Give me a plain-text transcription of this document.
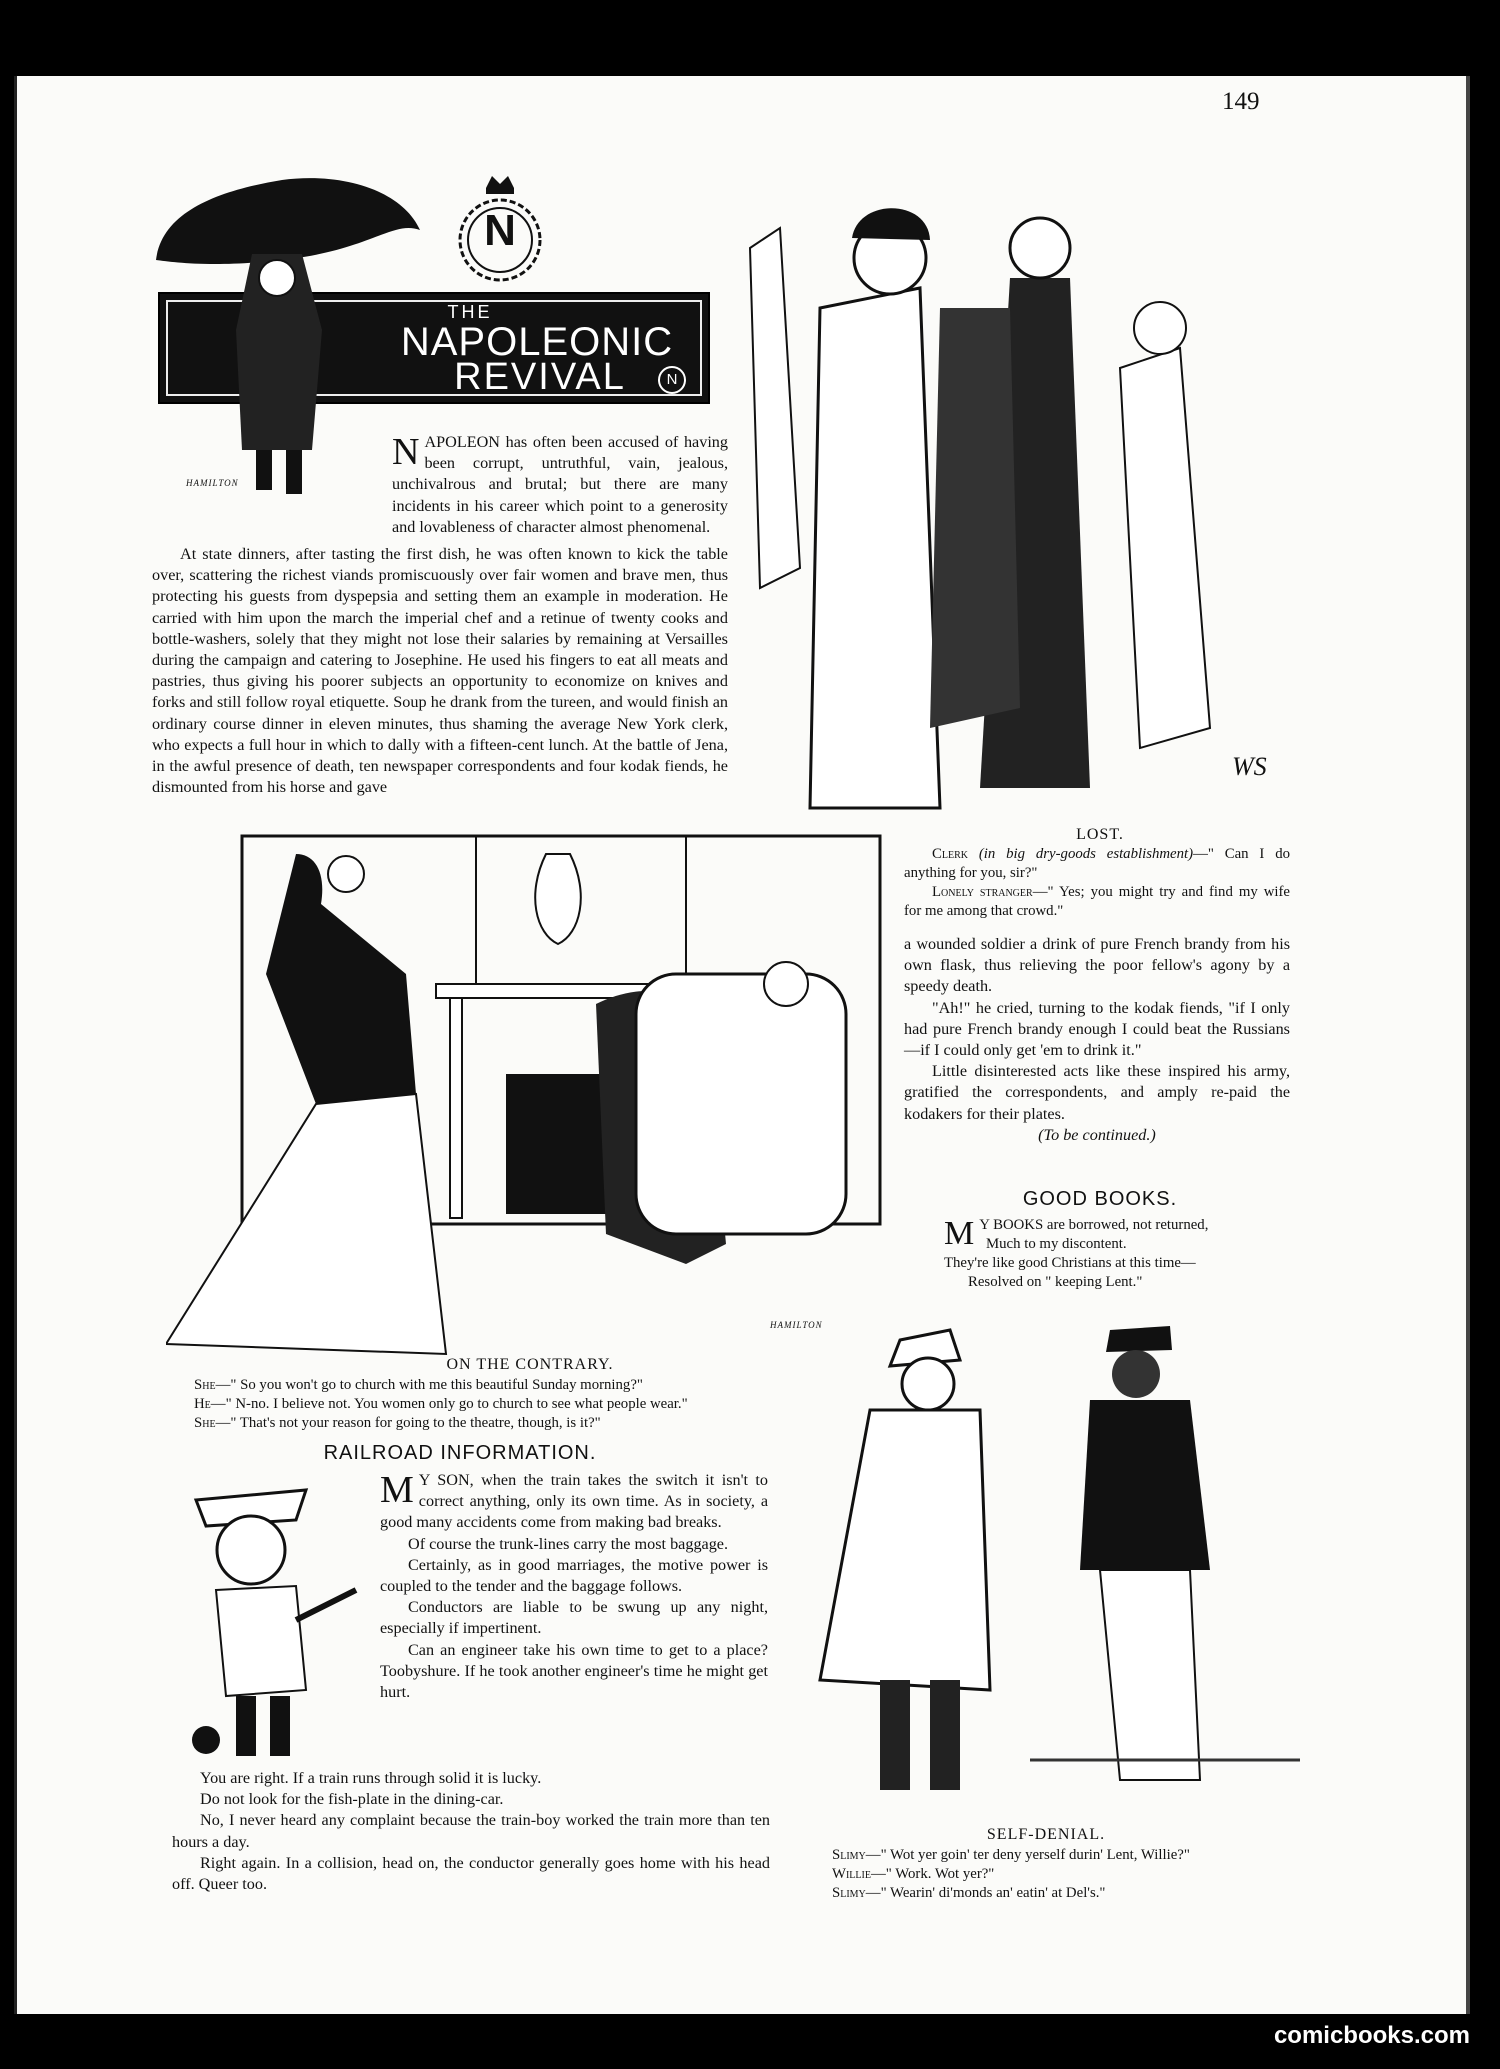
149
N
THE
NAPOLEONIC
REVIVAL	N
HAMILTON
NAPOLEON has often been accused of having been corrupt, untruthful, vain, jealous, unchivalrous and brutal; but there are many incidents in his career which point to a generosity and lovableness of character almost phenomenal.
At state dinners, after tasting the first dish, he was often known to kick the table over, scattering the richest viands promiscuously over fair women and brave men, thus protecting his guests from dyspepsia and setting them an example in moderation. He carried with him upon the march the imperial chef and a retinue of twenty cooks and bottle-washers, solely that they might not lose their salaries by remaining at Versailles during the campaign and catering to Josephine. He used his fingers to eat all meats and pastries, thus giving his poorer subjects an opportunity to economize on knives and forks and still follow royal etiquette. Soup he drank from the tureen, and would finish an ordinary course dinner in eleven minutes, thus shaming the average New York clerk, who expects a full hour in which to dally with a fifteen-cent lunch. At the battle of Jena, in the awful presence of death, ten newspaper correspondents and four kodak fiends, he dismounted from his horse and gave
WS
LOST.

Clerk (in big dry-goods establishment)—" Can I do anything for you, sir?"

Lonely stranger—" Yes; you might try and find my wife for me among that crowd."

a wounded soldier a drink of pure French brandy from his own flask, thus relieving the poor fellow's agony by a speedy death.

"Ah!" he cried, turning to the kodak fiends, "if I only had pure French brandy enough I could beat the Russians—if I could only get 'em to drink it."

Little disinterested acts like these inspired his army, gratified the correspondents, and amply re-paid the kodakers for their plates.

(To be continued.)

GOOD BOOKS.
M Y BOOKS are borrowed, not returned,

Much to my discontent.

They're like good Christians at this time—

Resolved on " keeping Lent."

HAMILTON
ON THE CONTRARY.

She—" So you won't go to church with me this beautiful Sunday morning?"

He—" N-no. I believe not. You women only go to church to see what people wear."

She—" That's not your reason for going to the theatre, though, is it?"

RAILROAD INFORMATION.
M Y SON, when the train takes the switch it isn't to correct anything, only its own time. As in society, a good many accidents come from making bad breaks.

Of course the trunk-lines carry the most baggage.

Certainly, as in good marriages, the motive power is coupled to the tender and the baggage follows.

Conductors are liable to be swung up any night, especially if impertinent.

Can an engineer take his own time to get to a place? Toobyshure. If he took another engineer's time he might get hurt.

You are right. If a train runs through solid it is lucky.

Do not look for the fish-plate in the dining-car.

No, I never heard any complaint because the train-boy worked the train more than ten hours a day.

Right again. In a collision, head on, the conductor generally goes home with his head off. Queer too.

SELF-DENIAL.

Slimy—" Wot yer goin' ter deny yerself durin' Lent, Willie?"

Willie—" Work. Wot yer?"

Slimy—" Wearin' di'monds an' eatin' at Del's."

comicbooks.com
